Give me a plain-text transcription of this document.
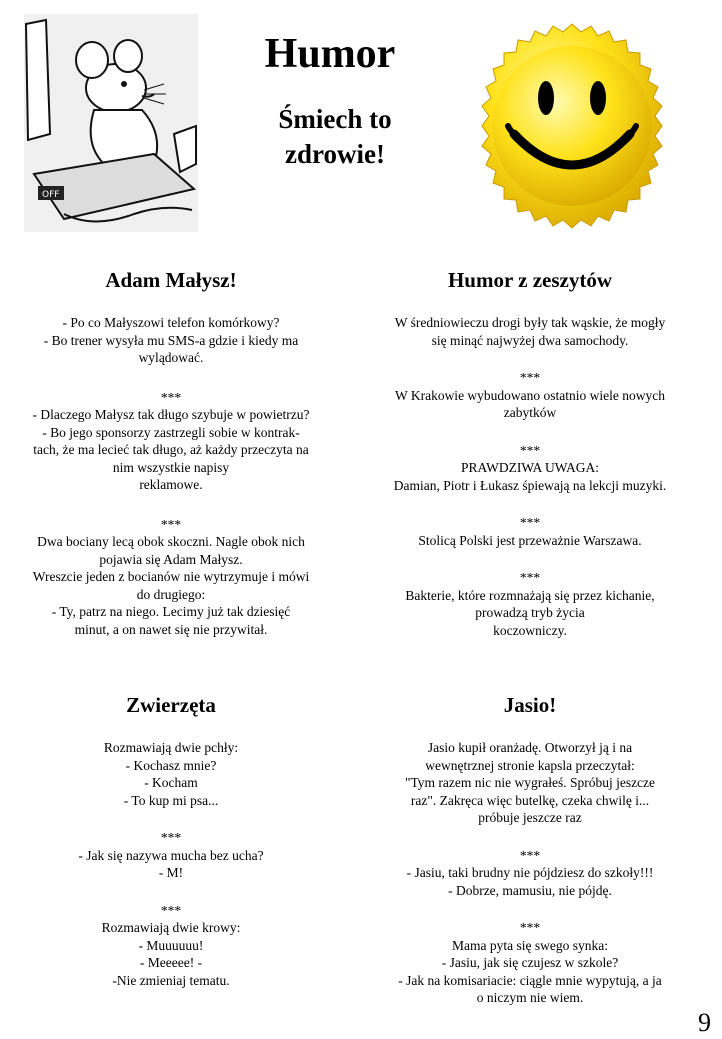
OFF
Humor
Śmiech to
zdrowie!
Adam Małysz!

- Po co Małyszowi telefon komórkowy?

- Bo trener wysyła mu SMS-a gdzie i kiedy ma

wylądować.

***

- Dlaczego Małysz tak długo szybuje w powietrzu?

- Bo jego sponsorzy zastrzegli sobie w kontrak-

tach, że ma lecieć tak długo, aż każdy przeczyta na

nim wszystkie napisy

reklamowe.

***

Dwa bociany lecą obok skoczni. Nagle obok nich

pojawia się Adam Małysz.

Wreszcie jeden z bocianów nie wytrzymuje i mówi

do drugiego:

- Ty, patrz na niego. Lecimy już tak dziesięć

minut, a on nawet się nie przywitał.

Humor z zeszytów

W średniowieczu drogi były tak wąskie, że mogły

się minąć najwyżej dwa samochody.

***

W Krakowie wybudowano ostatnio wiele nowych

zabytków

***

PRAWDZIWA UWAGA:

Damian, Piotr i Łukasz śpiewają na lekcji muzyki.

***

Stolicą Polski jest przeważnie Warszawa.

***

Bakterie, które rozmnażają się przez kichanie,

prowadzą tryb życia

koczowniczy.

Zwierzęta

Rozmawiają dwie pchły:

- Kochasz mnie?

- Kocham

- To kup mi psa...

***

- Jak się nazywa mucha bez ucha?

- M!

***

Rozmawiają dwie krowy:

- Muuuuuu!

- Meeeee! -

-Nie zmieniaj tematu.

Jasio!

Jasio kupił oranżadę. Otworzył ją i na

wewnętrznej stronie kapsla przeczytał:

"Tym razem nic nie wygrałeś. Spróbuj jeszcze

raz". Zakręca więc butelkę, czeka chwilę i...

próbuje jeszcze raz

***

- Jasiu, taki brudny nie pójdziesz do szkoły!!!

- Dobrze, mamusiu, nie pójdę.

***

Mama pyta się swego synka:

- Jasiu, jak się czujesz w szkole?

- Jak na komisariacie: ciągle mnie wypytują, a ja

o niczym nie wiem.

9
